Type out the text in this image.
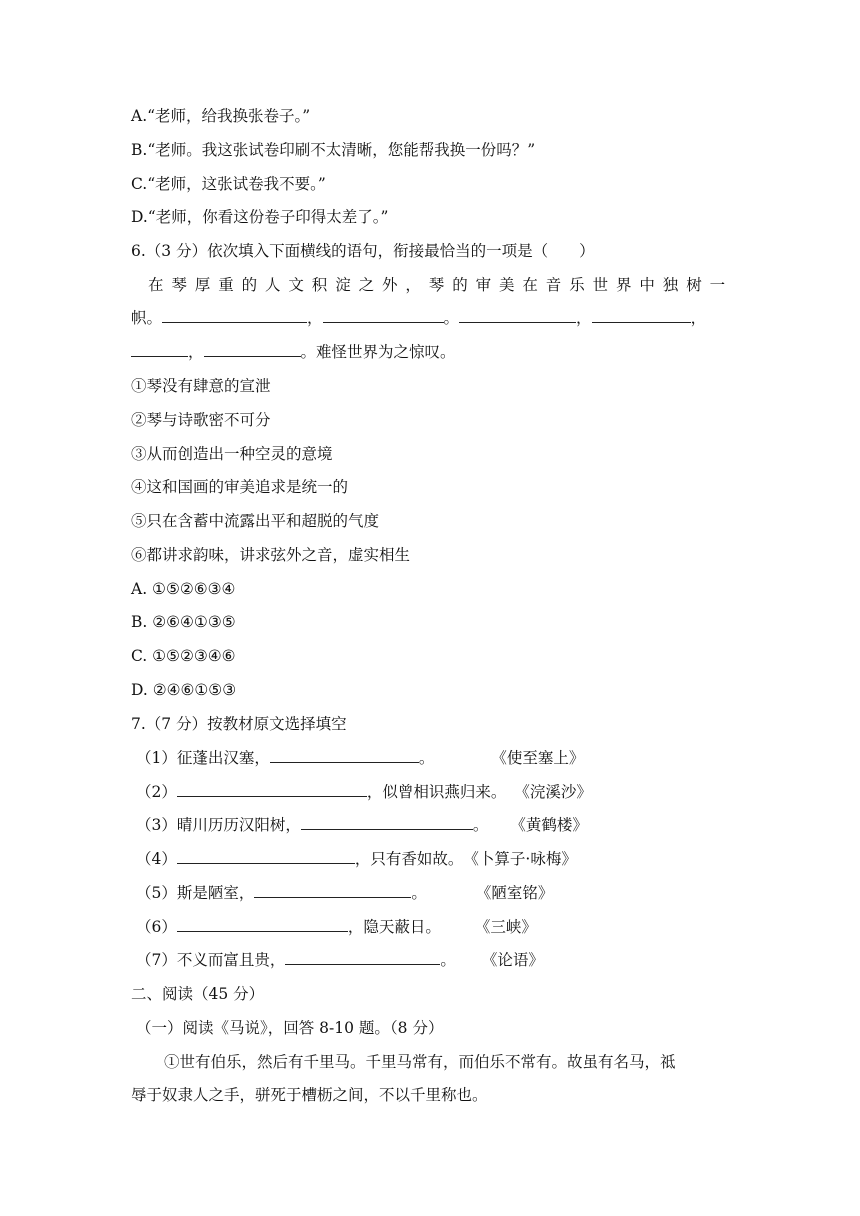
A.“老师，给我换张卷子。”
B.“老师。我这张试卷印刷不太清晰，您能帮我换一份吗？”
C.“老师，这张试卷我不要。”
D.“老师，你看这份卷子印得太差了。”
6.（3 分）依次填入下面横线的语句，衔接最恰当的一项是（　　）
在琴厚重的人文积淀之外，琴的审美在音乐世界中独树一
帜。	，	。	，	，
，	。难怪世界为之惊叹。
①琴没有肆意的宣泄
②琴与诗歌密不可分
③从而创造出一种空灵的意境
④这和国画的审美追求是统一的
⑤只在含蓄中流露出平和超脱的气度
⑥都讲求韵味，讲求弦外之音，虚实相生
A. ①⑤②⑥③④
B. ②⑥④①③⑤
C. ①⑤②③④⑥
D. ②④⑥①⑤③
7.（7 分）按教材原文选择填空
（1）征蓬出汉塞，	。	《使至塞上》
（2）	，似曾相识燕归来。 《浣溪沙》
（3）晴川历历汉阳树，	。 《黄鹤楼》
（4）	，只有香如故。《卜算子·咏梅》
（5）斯是陋室，	。	《陋室铭》
（6）	，隐天蔽日。 《三峡》
（7）不义而富且贵，	。 《论语》
二、阅读（45 分）
（一）阅读《马说》，回答 8-10 题。（8 分）
①世有伯乐，然后有千里马。千里马常有，而伯乐不常有。故虽有名马，祗
辱于奴隶人之手，骈死于槽枥之间，不以千里称也。
